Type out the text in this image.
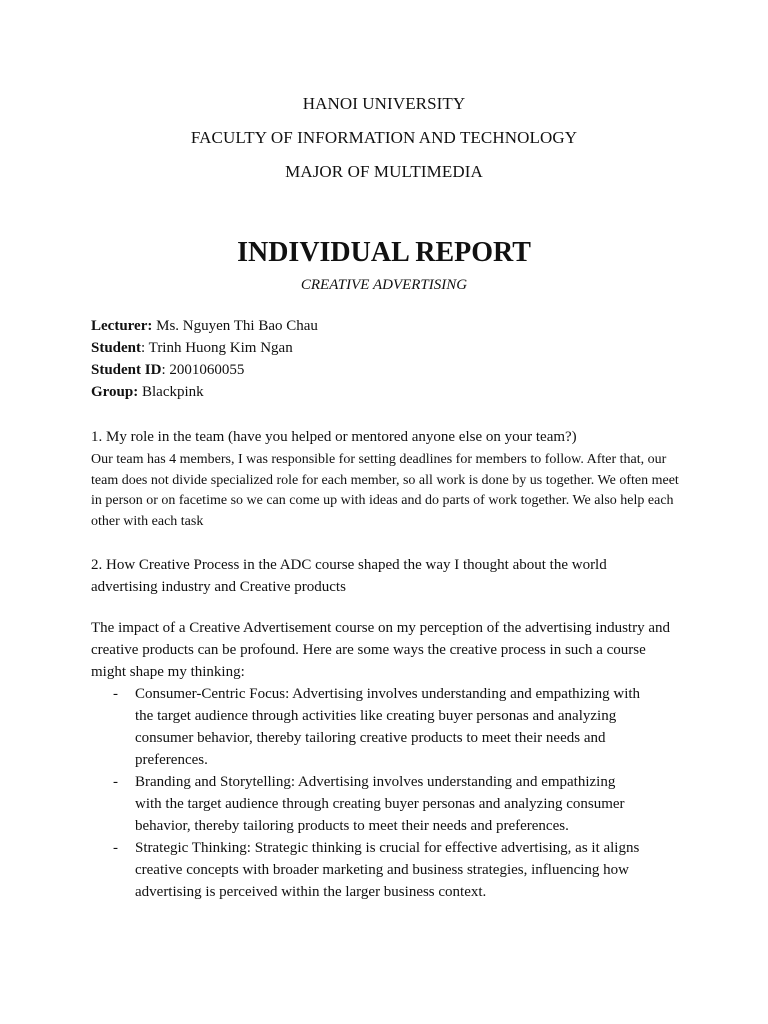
HANOI UNIVERSITY
FACULTY OF INFORMATION AND TECHNOLOGY
MAJOR OF MULTIMEDIA
INDIVIDUAL REPORT
CREATIVE ADVERTISING
Lecturer: Ms. Nguyen Thi Bao Chau
Student: Trinh Huong Kim Ngan
Student ID: 2001060055
Group: Blackpink
1. My role in the team (have you helped or mentored anyone else on your team?)
Our team has 4 members, I was responsible for setting deadlines for members to follow. After that, our team does not divide specialized role for each member, so all work is done by us together. We often meet in person or on facetime so we can come up with ideas and do parts of work together. We also help each other with each task
2. How Creative Process in the ADC course shaped the way I thought about the world advertising industry and Creative products
The impact of a Creative Advertisement course on my perception of the advertising industry and creative products can be profound. Here are some ways the creative process in such a course might shape my thinking:
- Consumer-Centric Focus: Advertising involves understanding and empathizing with the target audience through activities like creating buyer personas and analyzing consumer behavior, thereby tailoring creative products to meet their needs and preferences.
- Branding and Storytelling: Advertising involves understanding and empathizing with the target audience through creating buyer personas and analyzing consumer behavior, thereby tailoring products to meet their needs and preferences.
- Strategic Thinking: Strategic thinking is crucial for effective advertising, as it aligns creative concepts with broader marketing and business strategies, influencing how advertising is perceived within the larger business context.
